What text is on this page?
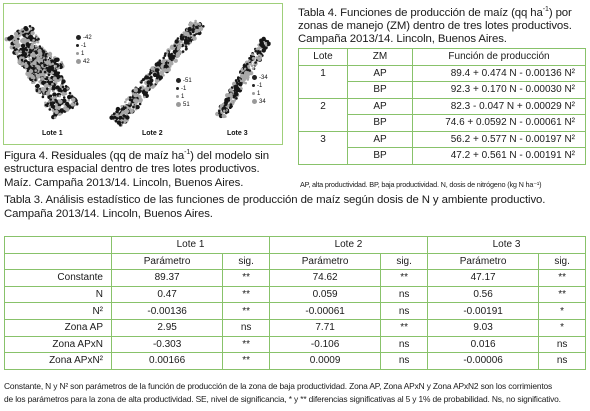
Lote 1	Lote 2	Lote 3
-42
-1
1
42
-51
-1
1
51
-34
-1
1
34
Figura 4. Residuales (qq de maíz $ha^{-1}$) del modelo sin
estructura espacial dentro de tres lotes productivos.
Maíz. Campaña 2013/14. Lincoln, Buenos Aires.
Tabla 4. Funciones de producción de maíz (qq $ha^{-1}$) por
zonas de manejo (ZM) dentro de tres lotes productivos.
Campaña 2013/14. Lincoln, Buenos Aires.
Lote	ZM	Función de producción
1	AP	89.4 + 0.474 N - 0.00136 N²
	BP	92.3 + 0.170 N - 0.00030 N²
2	AP	82.3 - 0.047 N + 0.00029 N²
	BP	74.6 + 0.0592 N - 0.00061 N²
3	AP	56.2 + 0.577 N - 0.00197 N²
	BP	47.2 + 0.561 N - 0.00191 N²
AP, alta productividad. BP, baja productividad. N, dosis de nitrógeno (kg N ha⁻¹)
Tabla 3. Análisis estadístico de las funciones de producción de maíz según dosis de N y ambiente productivo.
Campaña 2013/14. Lincoln, Buenos Aires.
	Lote 1		Lote 2		Lote 3	
	Parámetro	sig.	Parámetro	sig.	Parámetro	sig.
Constante	89.37	**	74.62	**	47.17	**
N	0.47	**	0.059	ns	0.56	**
N²	-0.00136	**	-0.00061	ns	-0.00191	*
Zona AP	2.95	ns	7.71	**	9.03	*
Zona APxN	-0.303	**	-0.106	ns	0.016	ns
Zona APxN²	0.00166	**	0.0009	ns	-0.00006	ns
Constante, N y N² son parámetros de la función de producción de la zona de baja productividad. Zona AP, Zona APxN y Zona APxN2 son los corrimientos
de los parámetros para la zona de alta productividad. SE, nivel de significancia, * y ** diferencias significativas al 5 y 1% de probabilidad. Ns, no significativo.
